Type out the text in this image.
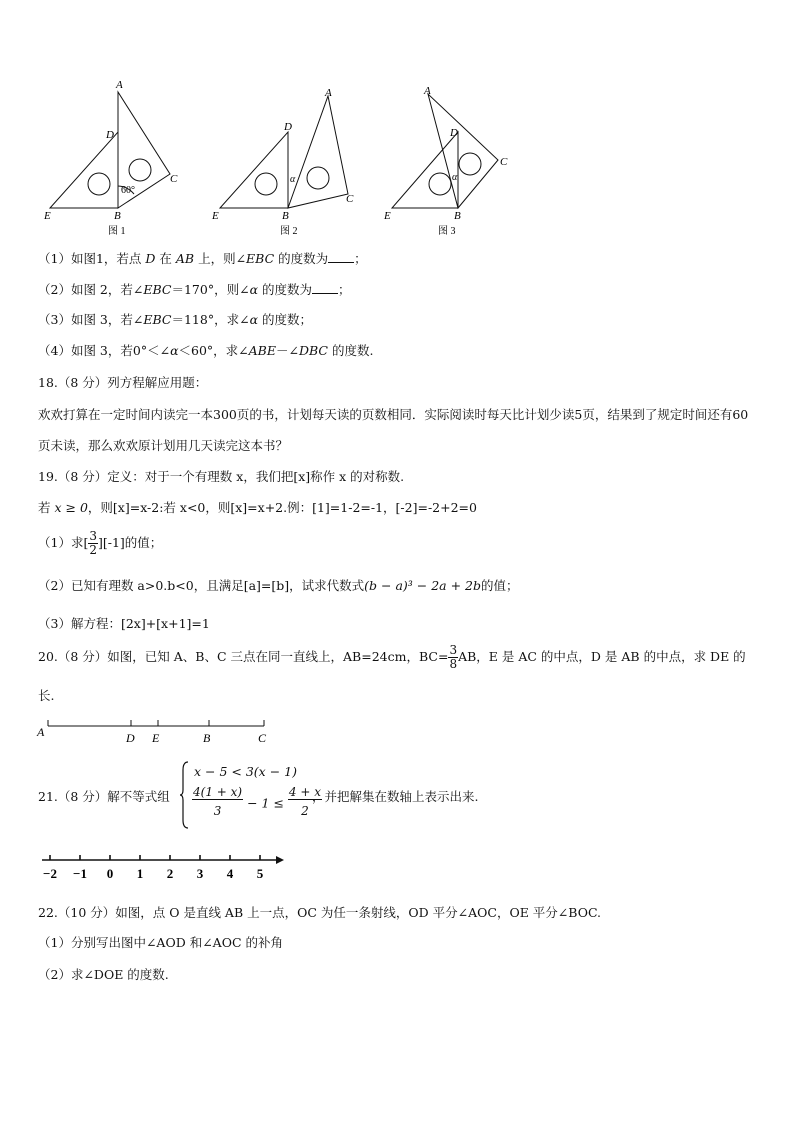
A
D
C
E	B
60°
图 1
A
D
C
E	B
α
图 2
A
D
C
E	B
α
图 3
（1）如图1，若点 D 在 AB 上，则∠EBC 的度数为 ；
（2）如图 2，若∠EBC＝170°，则∠α 的度数为 ；
（3）如图 3，若∠EBC＝118°，求∠α 的度数；
（4）如图 3，若0°＜∠α＜60°，求∠ABE－∠DBC 的度数.
18.（8 分）列方程解应用题：
欢欢打算在一定时间内读完一本300页的书，计划每天读的页数相同．实际阅读时每天比计划少读5页，结果到了规定时间还有60页未读，那么欢欢原计划用几天读完这本书？
19.（8 分）定义：对于一个有理数 x，我们把[x]称作 x 的对称数.
若 x ≥ 0，则[x]=x-2:若 x<0，则[x]=x+2.例：[1]=1-2=-1，[-2]=-2+2=0
（1）求[ $\frac{3}{2} ][-1]$的值；
（2）已知有理数 a>0.b<0，且满足[a]=[b]，试求代数式(b − a)³ − 2a + 2b的值；
（3）解方程：[2x]+[x+1]=1
20.（8 分）如图，已知 A、B、C 三点在同一直线上，AB=24cm，$BC= \frac{3}{8}$ AB，E 是 AC 的中点，D 是 AB 的中点，求 DE 的
长.
A	D E	B	C
21.（8 分）解不等式组
x − 5 < 3(x − 1)
$\frac{4(1 + x)}{3} - 1 \le \frac{4 + x}{2}$
，并把解集在数轴上表示出来.
−2 −1 0 1 2 3 4 5
22.（10 分）如图，点 O 是直线 AB 上一点，OC 为任一条射线，OD 平分∠AOC，OE 平分∠BOC.
（1）分别写出图中∠AOD 和∠AOC 的补角
（2）求∠DOE 的度数.
